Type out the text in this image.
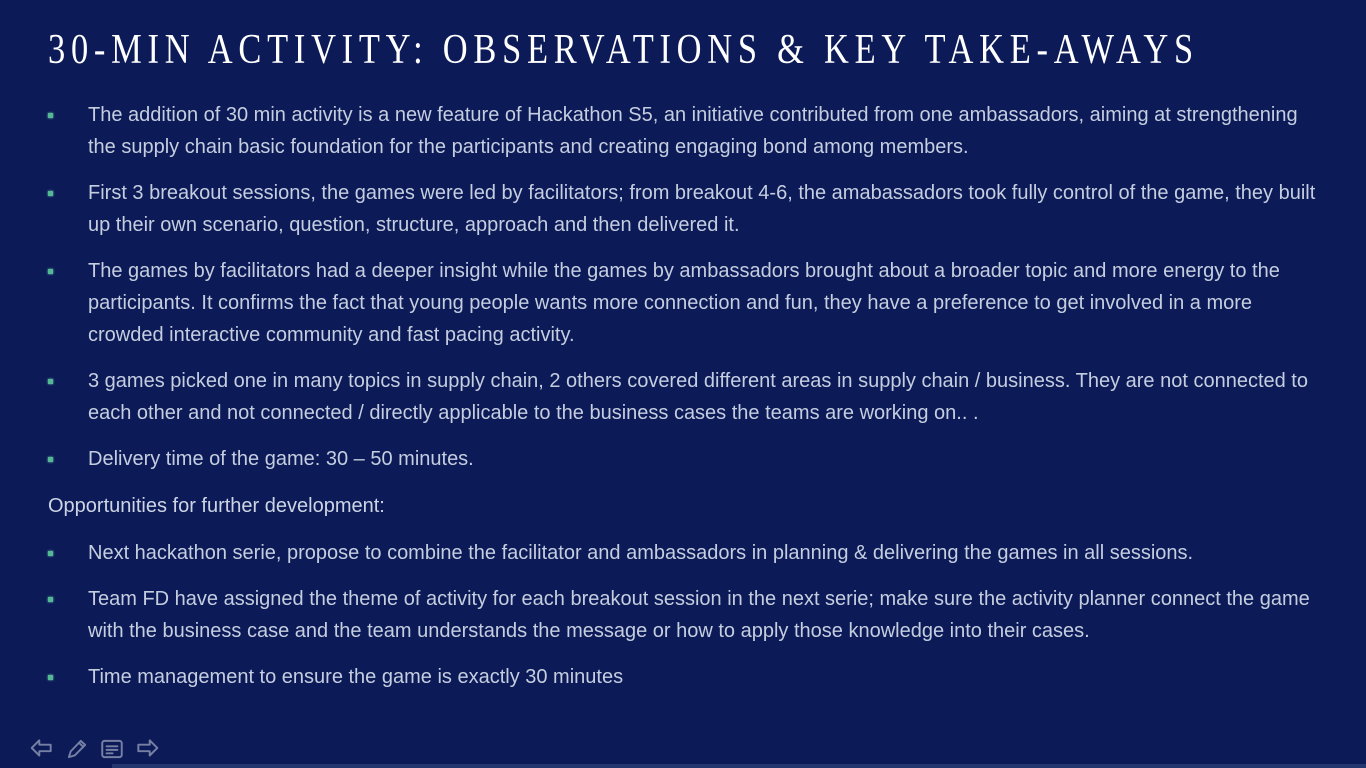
30-MIN ACTIVITY: OBSERVATIONS & KEY TAKE-AWAYS
The addition of 30 min activity is a new feature of Hackathon S5, an initiative contributed from one ambassadors, aiming at strengthening the supply chain basic foundation for the participants and creating engaging bond among members.
First 3 breakout sessions, the games were led by facilitators; from breakout 4-6, the amabassadors took fully control of the game, they built up their own scenario, question, structure, approach and then delivered it.
The games by facilitators had a deeper insight while the games by ambassadors brought about a broader topic and more energy to the participants. It confirms the fact that young people wants more connection and fun, they have a preference to get involved in a more crowded interactive community and fast pacing activity.
3 games picked one in many topics in supply chain, 2 others covered different areas in supply chain / business. They are not connected to each other and not connected / directly applicable to the business cases the teams are working on.. .
Delivery time of the game: 30 – 50 minutes.
Opportunities for further development:
Next hackathon serie, propose to combine the facilitator and ambassadors in planning & delivering the games in all sessions.
Team FD have assigned the theme of activity for each breakout session in the next serie; make sure the activity planner connect the game with the business case and the team understands the message or how to apply those knowledge into their cases.
Time management to ensure the game is exactly 30 minutes
